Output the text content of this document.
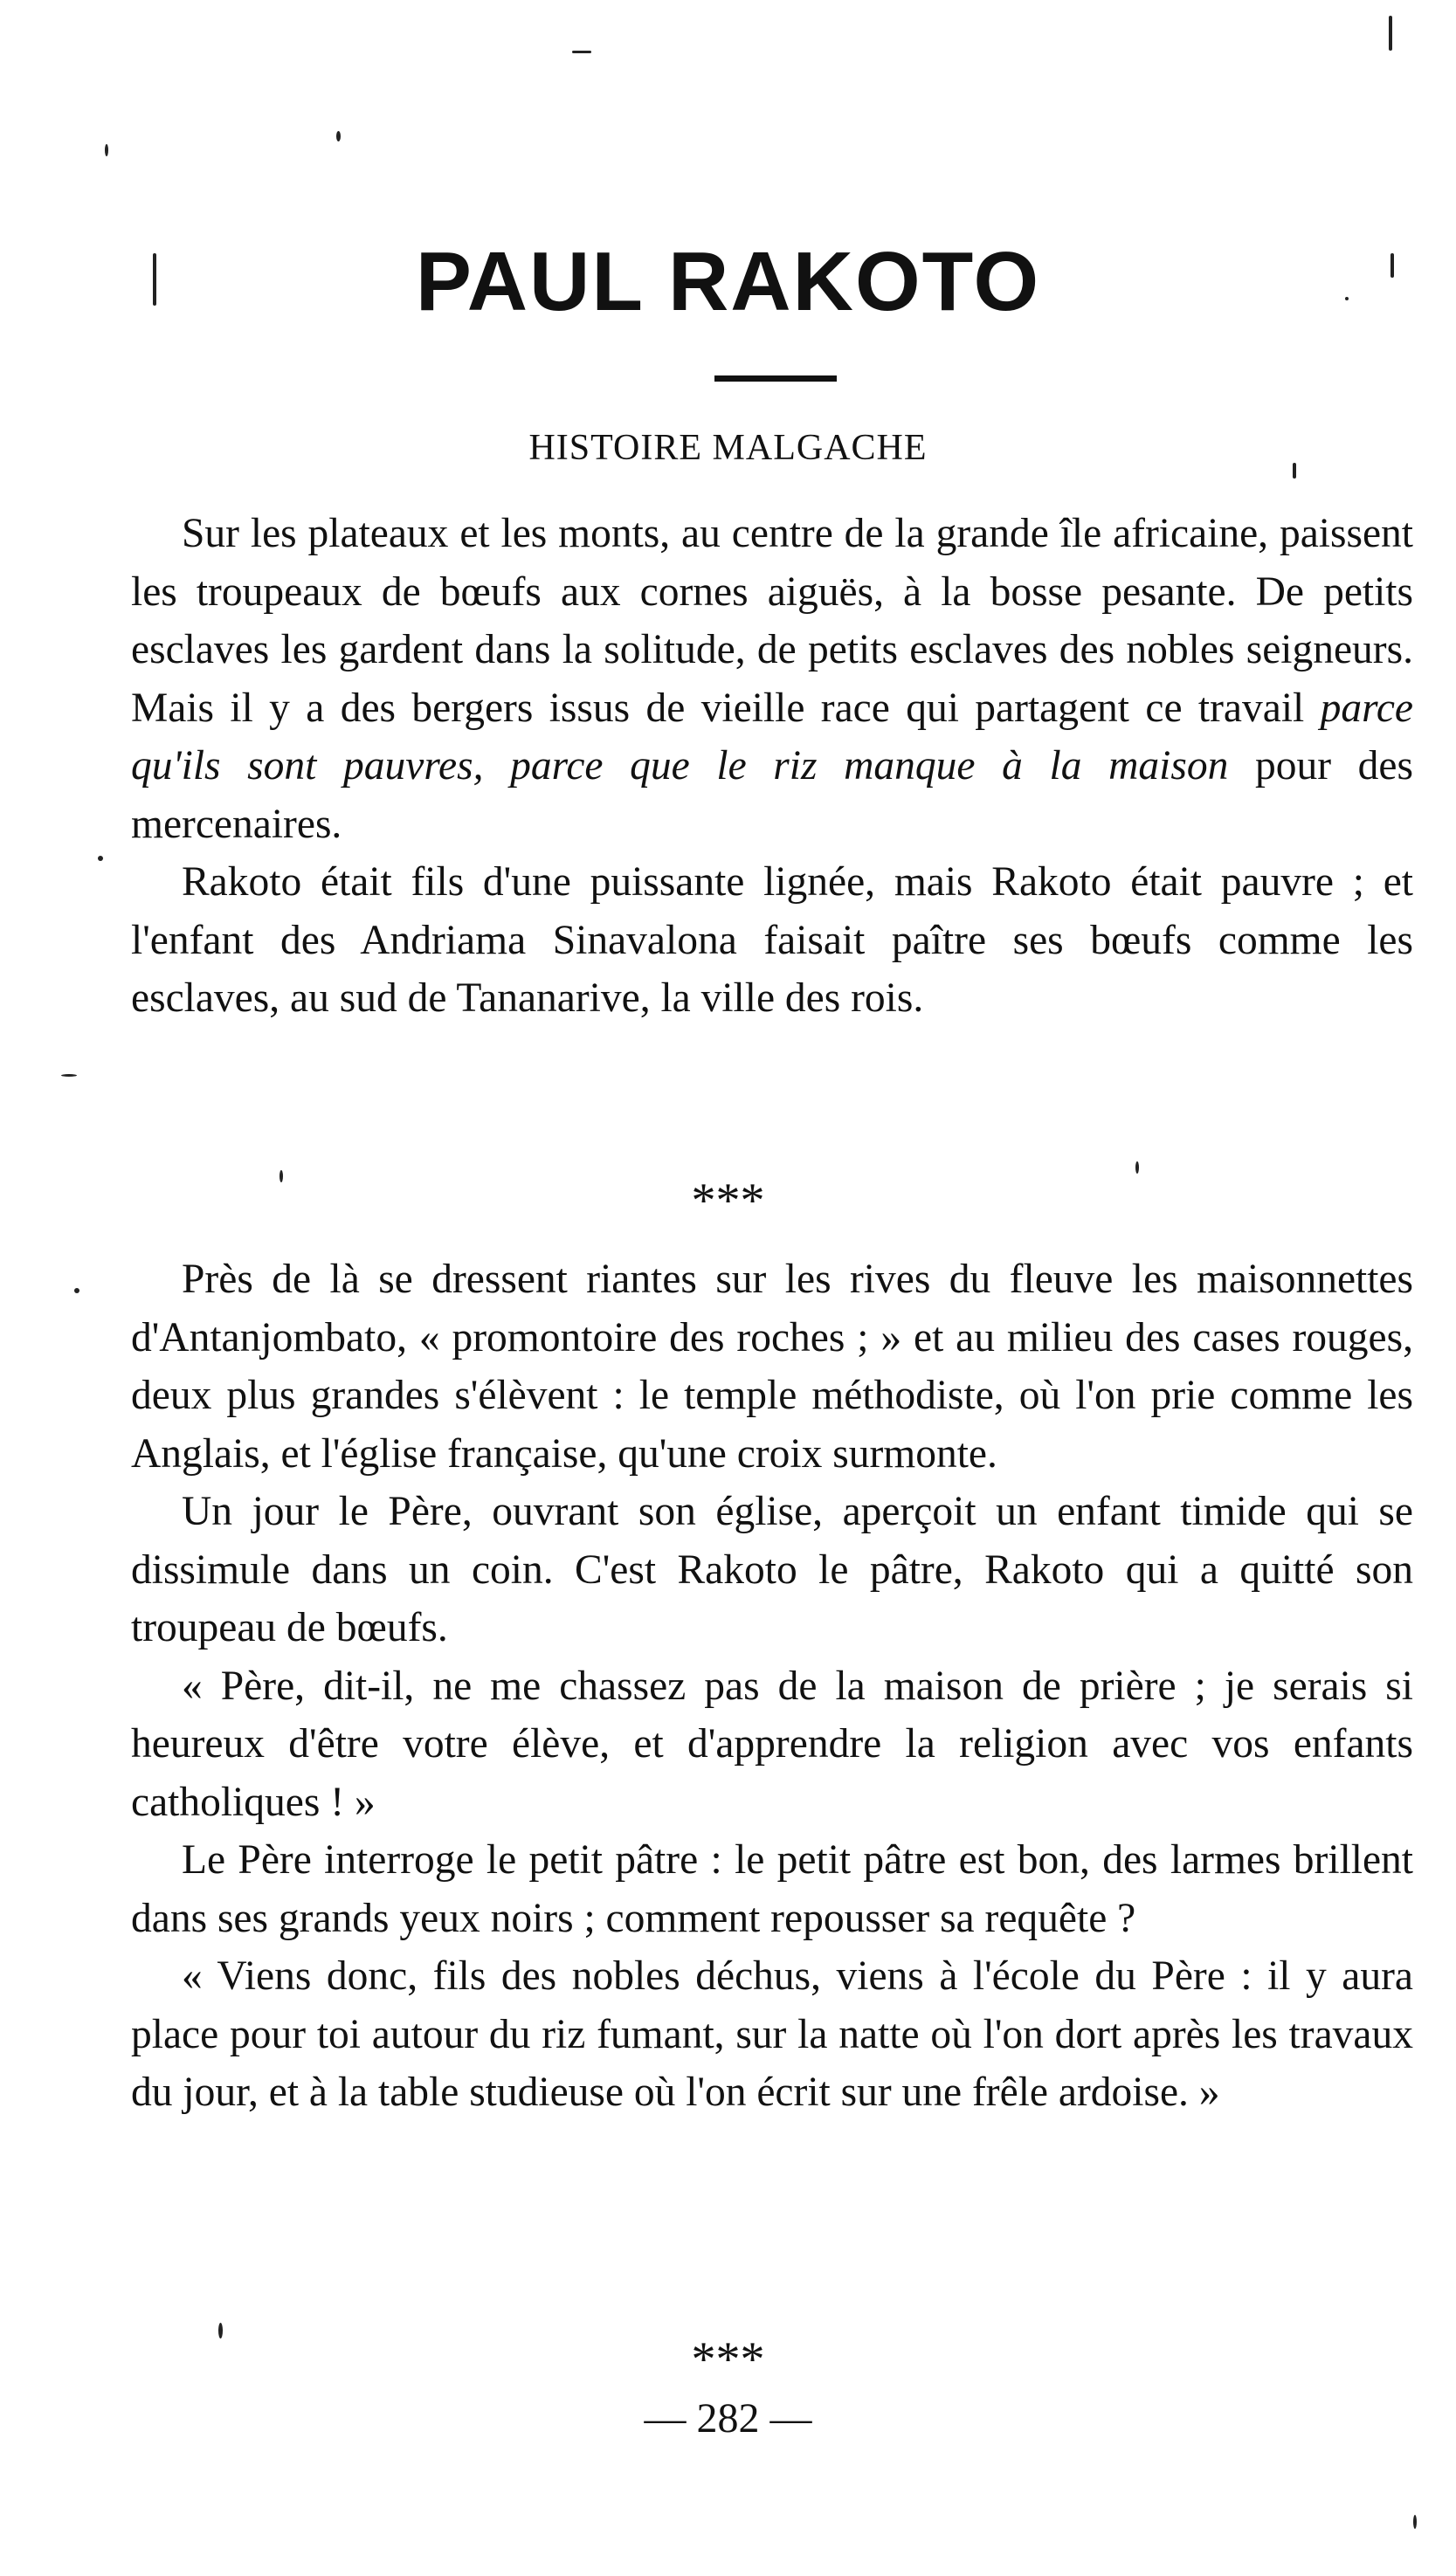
PAUL RAKOTO
HISTOIRE MALGACHE

Sur les plateaux et les monts, au centre de la grande île africaine, paissent les troupeaux de bœufs aux cornes aiguës, à la bosse pesante. De petits esclaves les gardent dans la solitude, de petits esclaves des nobles seigneurs. Mais il y a des bergers issus de vieille race qui partagent ce travail parce qu'ils sont pauvres, parce que le riz manque à la maison pour des mercenaires.

Rakoto était fils d'une puissante lignée, mais Rakoto était pauvre ; et l'enfant des Andriama Sinavalona faisait paître ses bœufs comme les esclaves, au sud de Tananarive, la ville des rois.

***

Près de là se dressent riantes sur les rives du fleuve les maisonnettes d'Antanjombato, « promontoire des roches ; » et au milieu des cases rouges, deux plus grandes s'élèvent : le temple méthodiste, où l'on prie comme les Anglais, et l'église française, qu'une croix surmonte.

Un jour le Père, ouvrant son église, aperçoit un enfant timide qui se dissimule dans un coin. C'est Rakoto le pâtre, Rakoto qui a quitté son troupeau de bœufs.

« Père, dit-il, ne me chassez pas de la maison de prière ; je serais si heureux d'être votre élève, et d'apprendre la religion avec vos enfants catholiques ! »

Le Père interroge le petit pâtre : le petit pâtre est bon, des larmes brillent dans ses grands yeux noirs ; comment repousser sa requête ?

« Viens donc, fils des nobles déchus, viens à l'école du Père : il y aura place pour toi autour du riz fumant, sur la natte où l'on dort après les travaux du jour, et à la table studieuse où l'on écrit sur une frêle ardoise. »

***
— 282 —
